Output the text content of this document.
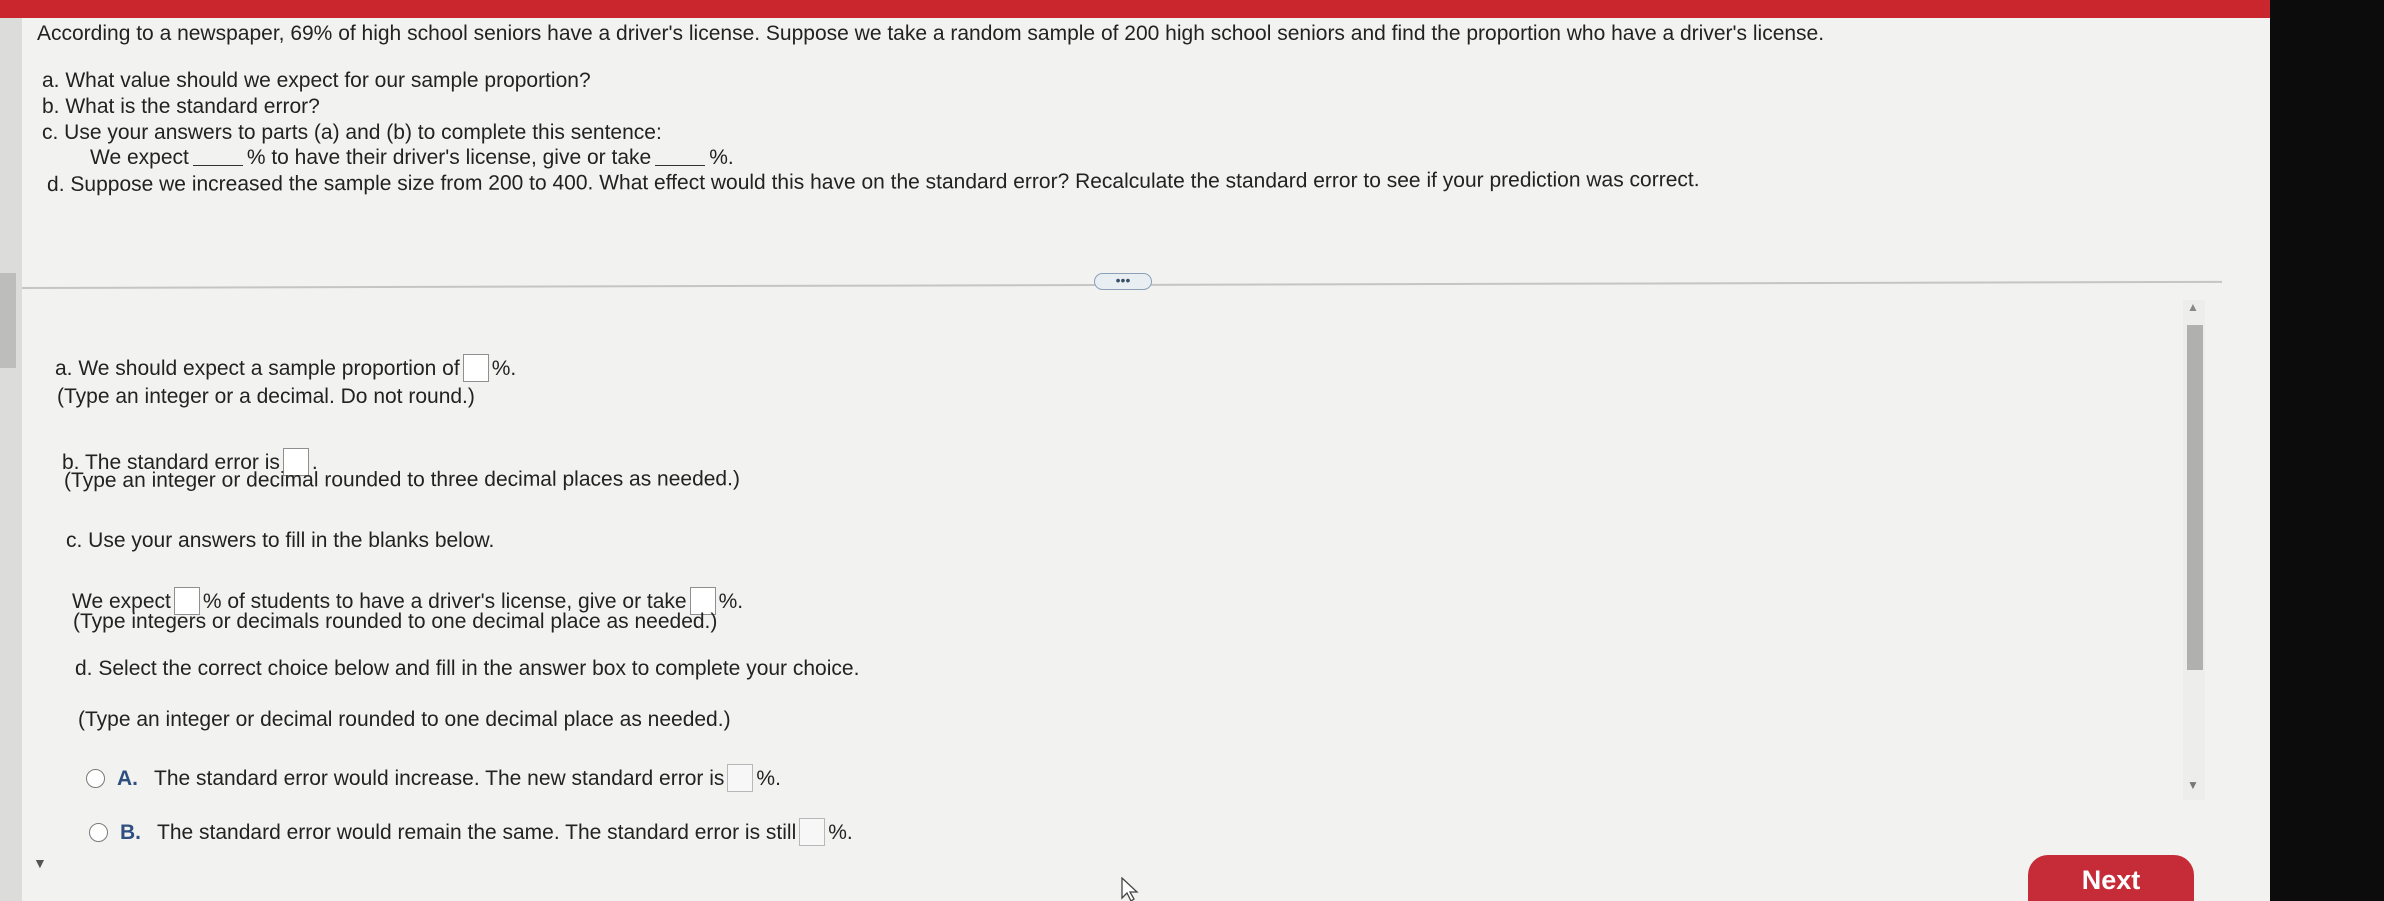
According to a newspaper, 69% of high school seniors have a driver's license. Suppose we take a random sample of 200 high school seniors and find the proportion who have a driver's license.
a. What value should we expect for our sample proportion?
b. What is the standard error?
c. Use your answers to parts (a) and (b) to complete this sentence:
We expect	% to have their driver's license, give or take	%.
d. Suppose we increased the sample size from 200 to 400. What effect would this have on the standard error? Recalculate the standard error to see if your prediction was correct.
•••
a. We should expect a sample proportion of %.
(Type an integer or a decimal. Do not round.)
b. The standard error is .
(Type an integer or decimal rounded to three decimal places as needed.)
c. Use your answers to fill in the blanks below.
We expect % of students to have a driver's license, give or take %.
(Type integers or decimals rounded to one decimal place as needed.)
d. Select the correct choice below and fill in the answer box to complete your choice.
(Type an integer or decimal rounded to one decimal place as needed.)
A. The standard error would increase. The new standard error is %.
B. The standard error would remain the same. The standard error is still %.
▲
▼
▼
Next
